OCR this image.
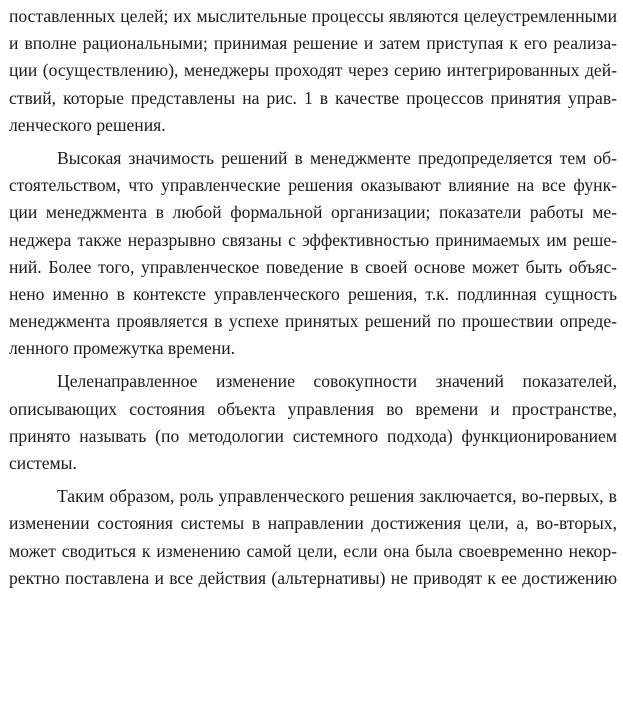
поставленных целей; их мыслительные процессы являются целеустремленными
и вполне рациональными; принимая решение и затем приступая к его реализа-
ции (осуществлению), менеджеры проходят через серию интегрированных дей-
ствий, которые представлены на рис. 1 в качестве процессов принятия управ-
ленческого решения.
Высокая значимость решений в менеджменте предопределяется тем об-
стоятельством, что управленческие решения оказывают влияние на все функ-
ции менеджмента в любой формальной организации; показатели работы ме-
неджера также неразрывно связаны с эффективностью принимаемых им реше-
ний. Более того, управленческое поведение в своей основе может быть объяс-
нено именно в контексте управленческого решения, т.к. подлинная сущность
менеджмента проявляется в успехе принятых решений по прошествии опреде-
ленного промежутка времени.
Целенаправленное изменение совокупности значений показателей,
описывающих состояния объекта управления во времени и пространстве,
принято называть (по методологии системного подхода) функционированием
системы.
Таким образом, роль управленческого решения заключается, во-первых, в
изменении состояния системы в направлении достижения цели, а, во-вторых,
может сводиться к изменению самой цели, если она была своевременно некор-
ректно поставлена и все действия (альтернативы) не приводят к ее достижению
